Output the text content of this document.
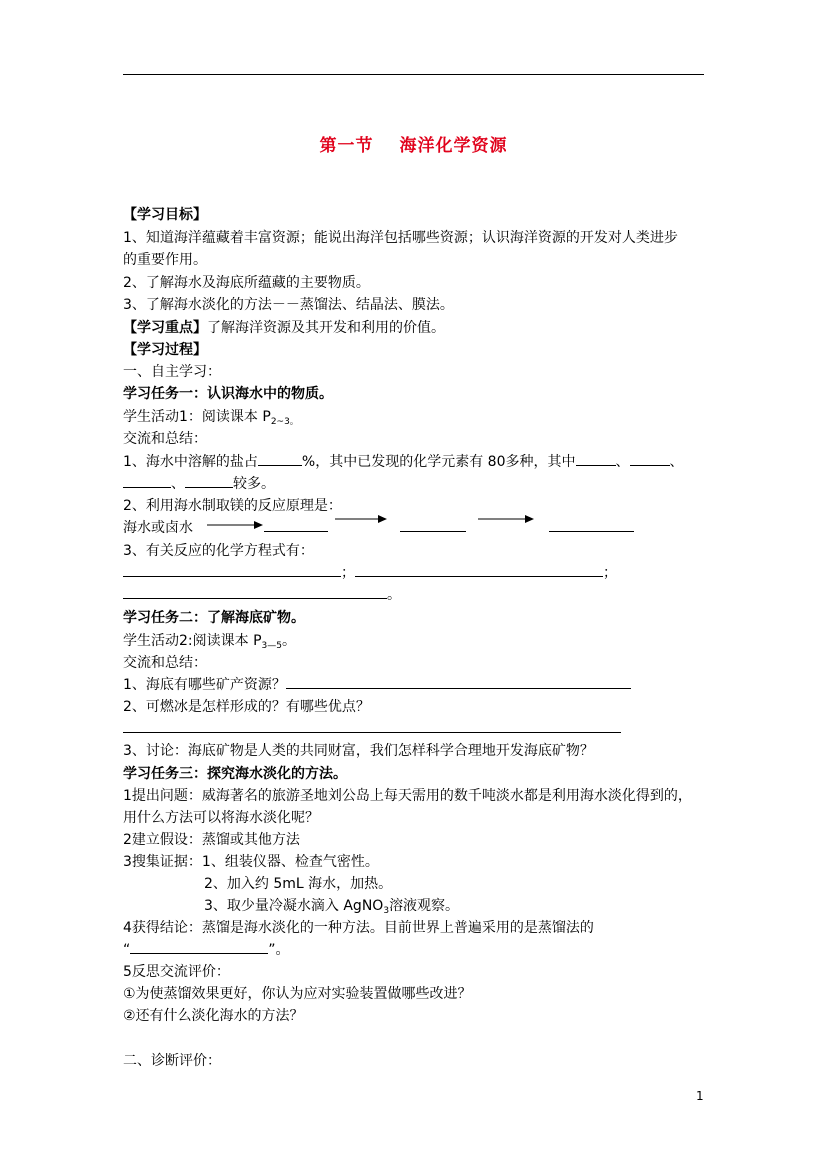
第一节 海洋化学资源
【学习目标】
1、知道海洋蕴藏着丰富资源；能说出海洋包括哪些资源；认识海洋资源的开发对人类进步
的重要作用。
2、了解海水及海底所蕴藏的主要物质。
3、了解海水淡化的方法－－蒸馏法、结晶法、膜法。
【学习重点】了解海洋资源及其开发和利用的价值。
【学习过程】
一、自主学习：
学习任务一：认识海水中的物质。
学生活动1：阅读课本 $P_{2\sim 3。}$
交流和总结：
1、海水中溶解的盐占	%，其中已发现的化学元素有 80多种，其中	、	、
、	较多。
2、利用海水制取镁的反应原理是：
海水或卤水
3、有关反应的化学方程式有：
；	；
。
学习任务二：了解海底矿物。
学生活动2:阅读课本 $P_{3—5}$。
交流和总结：
1、海底有哪些矿产资源？
2、可燃冰是怎样形成的？有哪些优点？
3、讨论：海底矿物是人类的共同财富，我们怎样科学合理地开发海底矿物？
学习任务三：探究海水淡化的方法。
1提出问题：威海著名的旅游圣地刘公岛上每天需用的数千吨淡水都是利用海水淡化得到的，
用什么方法可以将海水淡化呢？
2建立假设：蒸馏或其他方法
3搜集证据：1、组装仪器、检查气密性。
2、加入约 5mL 海水，加热。
3、取少量冷凝水滴入 AgNO$_3$溶液观察。
4获得结论：蒸馏是海水淡化的一种方法。目前世界上普遍采用的是蒸馏法的
“	”。
5反思交流评价：
①为使蒸馏效果更好，你认为应对实验装置做哪些改进？
②还有什么淡化海水的方法？
二、诊断评价：
1
